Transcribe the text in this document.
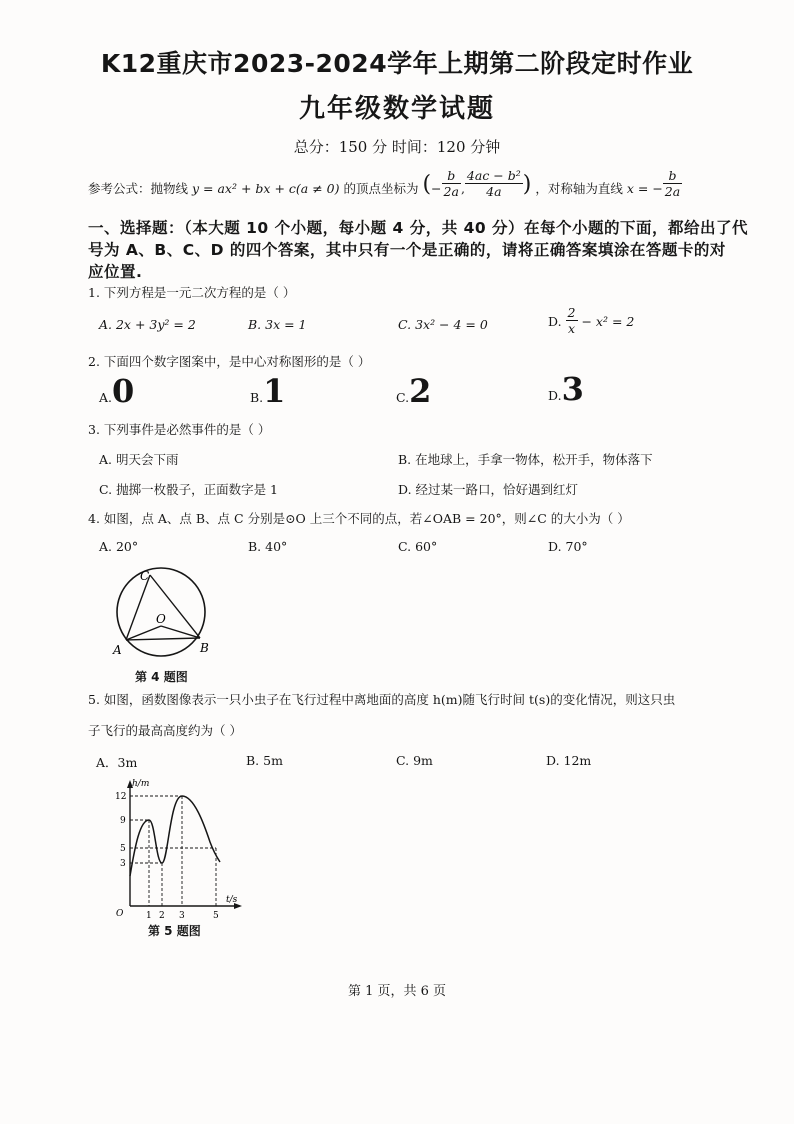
K12重庆市2023-2024学年上期第二阶段定时作业
九年级数学试题
总分：150 分 时间：120 分钟
参考公式：抛物线 y = ax² + bx + c(a ≠ 0) 的顶点坐标为 (− $\frac{b}{2a}$ , $\frac{\text{4ac − b²}}{4a}$ ) ，对称轴为直线 x = − $\frac{b}{2a}$
一、选择题：（本大题 10 个小题，每小题 4 分，共 40 分）在每个小题的下面，都给出了代
号为 A、B、C、D 的四个答案，其中只有一个是正确的，请将正确答案填涂在答题卡的对
应位置.
1. 下列方程是一元二次方程的是（ ）
A. 2x + 3y² = 2	B. 3x = 1	C. 3x² − 4 = 0	D. $\frac{2}{x} - x^2 = 2$
2. 下面四个数字图案中，是中心对称图形的是（ ）
A.0	B.1	C.2	D.3
3. 下列事件是必然事件的是（ ）
A. 明天会下雨	B. 在地球上，手拿一物体，松开手，物体落下
C. 抛掷一枚骰子，正面数字是 1	D. 经过某一路口，恰好遇到红灯
4. 如图，点 A、点 B、点 C 分别是⊙O 上三个不同的点，若∠OAB = 20°，则∠C 的大小为（ ）
A. 20°	B. 40°	C. 60°	D. 70°
C
O
A	B
第 4 题图
5. 如图，函数图像表示一只小虫子在飞行过程中离地面的高度 h(m)随飞行时间 t(s)的变化情况，则这只虫
子飞行的最高高度约为（ ）
A．3m	B. 5m	C. 9m	D. 12m
h/m
t/s
O
12
9
5
3
1 2 3	5
第 5 题图
第 1 页，共 6 页
